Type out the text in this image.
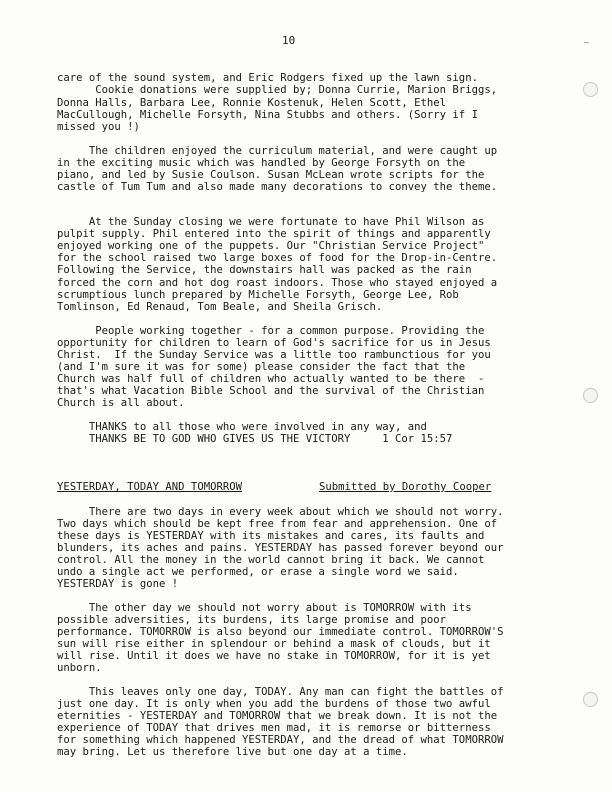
10	–
care of the sound system, and Eric Rodgers fixed up the lawn sign.
Cookie donations were supplied by; Donna Currie, Marion Briggs,
Donna Halls, Barbara Lee, Ronnie Kostenuk, Helen Scott, Ethel
MacCullough, Michelle Forsyth, Nina Stubbs and others. (Sorry if I
missed you !)
The children enjoyed the curriculum material, and were caught up
in the exciting music which was handled by George Forsyth on the
piano, and led by Susie Coulson. Susan McLean wrote scripts for the
castle of Tum Tum and also made many decorations to convey the theme.
At the Sunday closing we were fortunate to have Phil Wilson as
pulpit supply. Phil entered into the spirit of things and apparently
enjoyed working one of the puppets. Our "Christian Service Project"
for the school raised two large boxes of food for the Drop-in-Centre.
Following the Service, the downstairs hall was packed as the rain
forced the corn and hot dog roast indoors. Those who stayed enjoyed a
scrumptious lunch prepared by Michelle Forsyth, George Lee, Rob
Tomlinson, Ed Renaud, Tom Beale, and Sheila Grisch.
People working together - for a common purpose. Providing the
opportunity for children to learn of God's sacrifice for us in Jesus
Christ.  If the Sunday Service was a little too rambunctious for you
(and I'm sure it was for some) please consider the fact that the
Church was half full of children who actually wanted to be there  -
that's what Vacation Bible School and the survival of the Christian
Church is all about.
THANKS to all those who were involved in any way, and
THANKS BE TO GOD WHO GIVES US THE VICTORY     1 Cor 15:57
YESTERDAY, TODAY AND TOMORROW	Submitted by Dorothy Cooper
There are two days in every week about which we should not worry.
Two days which should be kept free from fear and apprehension. One of
these days is YESTERDAY with its mistakes and cares, its faults and
blunders, its aches and pains. YESTERDAY has passed forever beyond our
control. All the money in the world cannot bring it back. We cannot
undo a single act we performed, or erase a single word we said.
YESTERDAY is gone !
The other day we should not worry about is TOMORROW with its
possible adversities, its burdens, its large promise and poor
performance. TOMORROW is also beyond our immediate control. TOMORROW'S
sun will rise either in splendour or behind a mask of clouds, but it
will rise. Until it does we have no stake in TOMORROW, for it is yet
unborn.
This leaves only one day, TODAY. Any man can fight the battles of
just one day. It is only when you add the burdens of those two awful
eternities - YESTERDAY and TOMORROW that we break down. It is not the
experience of TODAY that drives men mad, it is remorse or bitterness
for something which happened YESTERDAY, and the dread of what TOMORROW
may bring. Let us therefore live but one day at a time.
